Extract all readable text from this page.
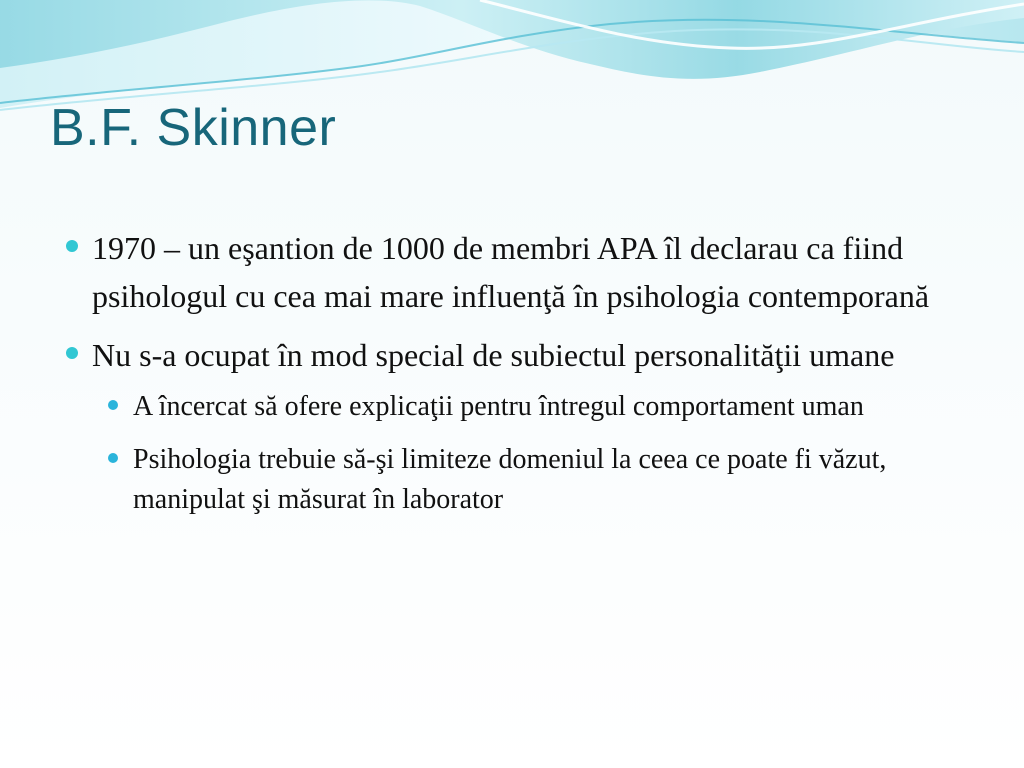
B.F. Skinner
1970 – un eşantion de 1000 de membri APA îl declarau ca fiind psihologul cu cea mai mare influenţă în psihologia contemporană
Nu s-a ocupat în mod special de subiectul personalităţii umane
A încercat să ofere explicaţii pentru întregul comportament uman
Psihologia trebuie să-şi limiteze domeniul la ceea ce poate fi văzut, manipulat şi măsurat în laborator
